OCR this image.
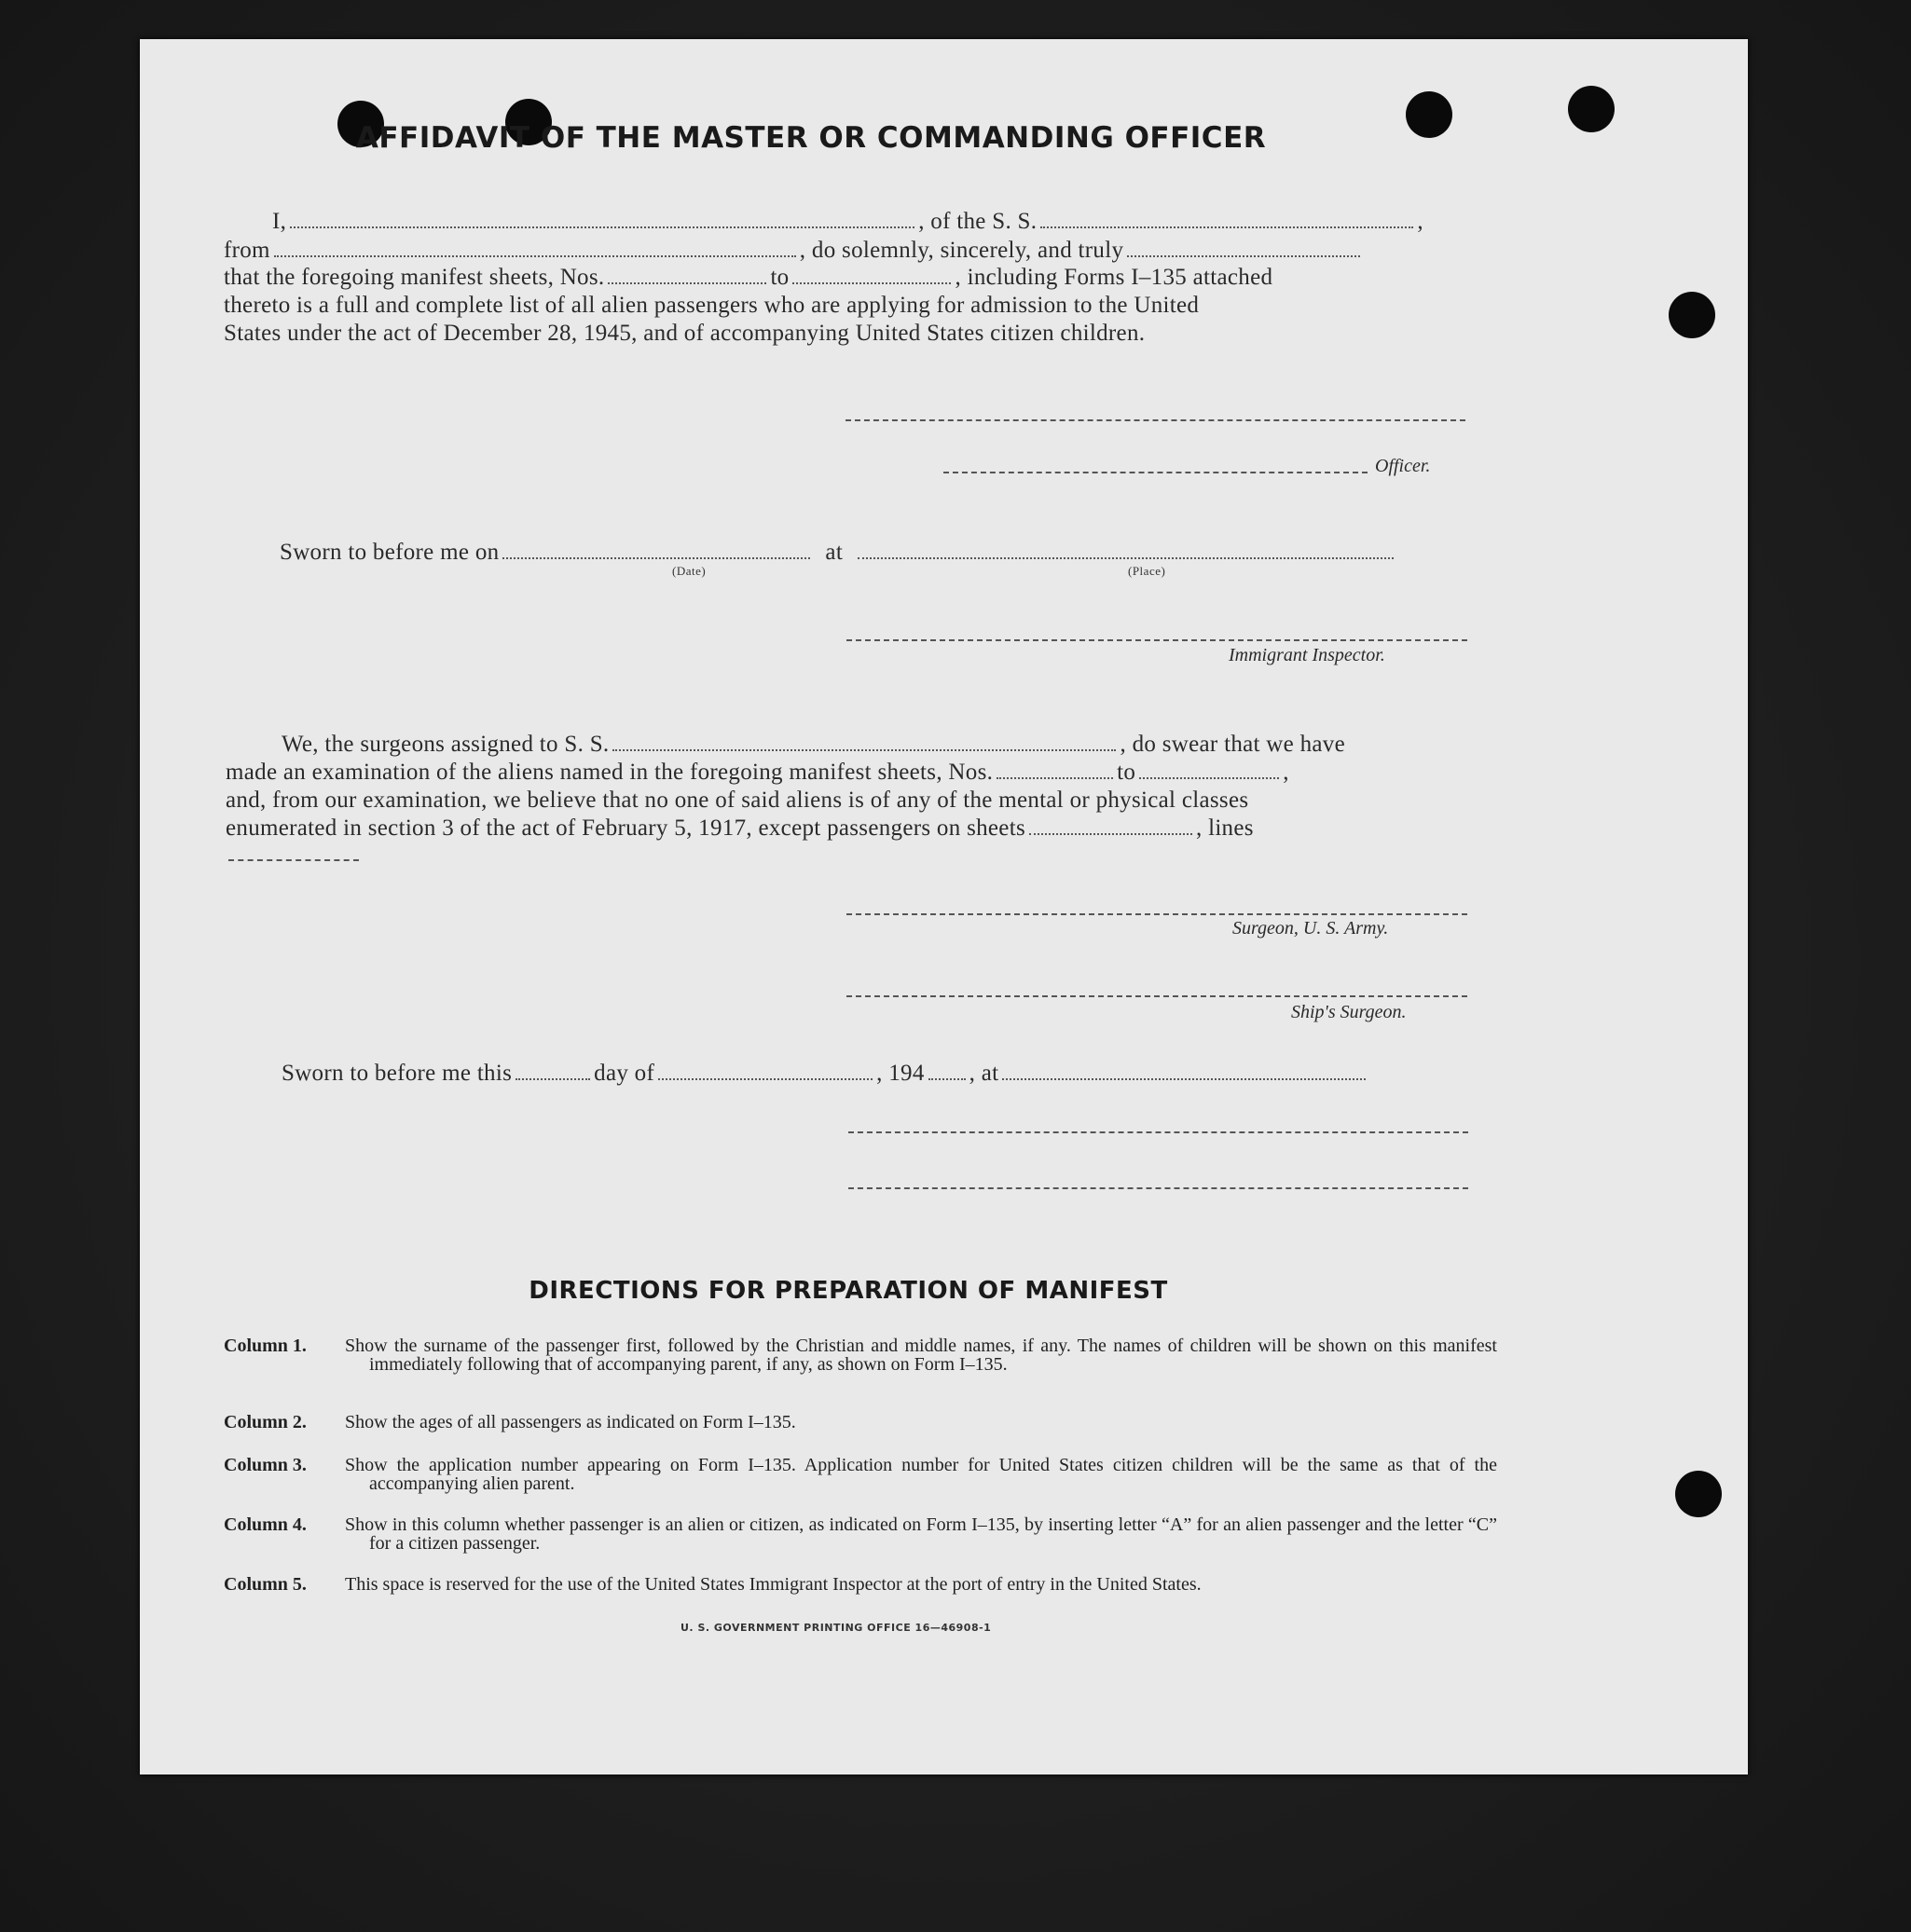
AFFIDAVIT OF THE MASTER OR COMMANDING OFFICER
I,	, of the S. S.	,
from	, do solemnly, sincerely, and truly
that the foregoing manifest sheets, Nos.	to	, including Forms I–135 attached
thereto is a full and complete list of all alien passengers who are applying for admission to the United
States under the act of December 28, 1945, and of accompanying United States citizen children.
Officer.
Sworn to before me on	at
(Date)	(Place)
Immigrant Inspector.
We, the surgeons assigned to S. S.	, do swear that we have
made an examination of the aliens named in the foregoing manifest sheets, Nos.	to	,
and, from our examination, we believe that no one of said aliens is of any of the mental or physical classes
enumerated in section 3 of the act of February 5, 1917, except passengers on sheets	, lines
Surgeon, U. S. Army.
Ship's Surgeon.
Sworn to before me this	day of	, 194 , at
DIRECTIONS FOR PREPARATION OF MANIFEST
Column 1.	Show the surname of the passenger first, followed by the Christian and middle names, if any. The names of children will be shown on this manifest immediately following that of accompanying parent, if any, as shown on Form I–135.
Column 2.	Show the ages of all passengers as indicated on Form I–135.
Column 3.	Show the application number appearing on Form I–135. Application number for United States citizen children will be the same as that of the accompanying alien parent.
Column 4.	Show in this column whether passenger is an alien or citizen, as indicated on Form I–135, by inserting letter “A” for an alien passenger and the letter “C” for a citizen passenger.
Column 5.	This space is reserved for the use of the United States Immigrant Inspector at the port of entry in the United States.
U. S. GOVERNMENT PRINTING OFFICE 16—46908-1
